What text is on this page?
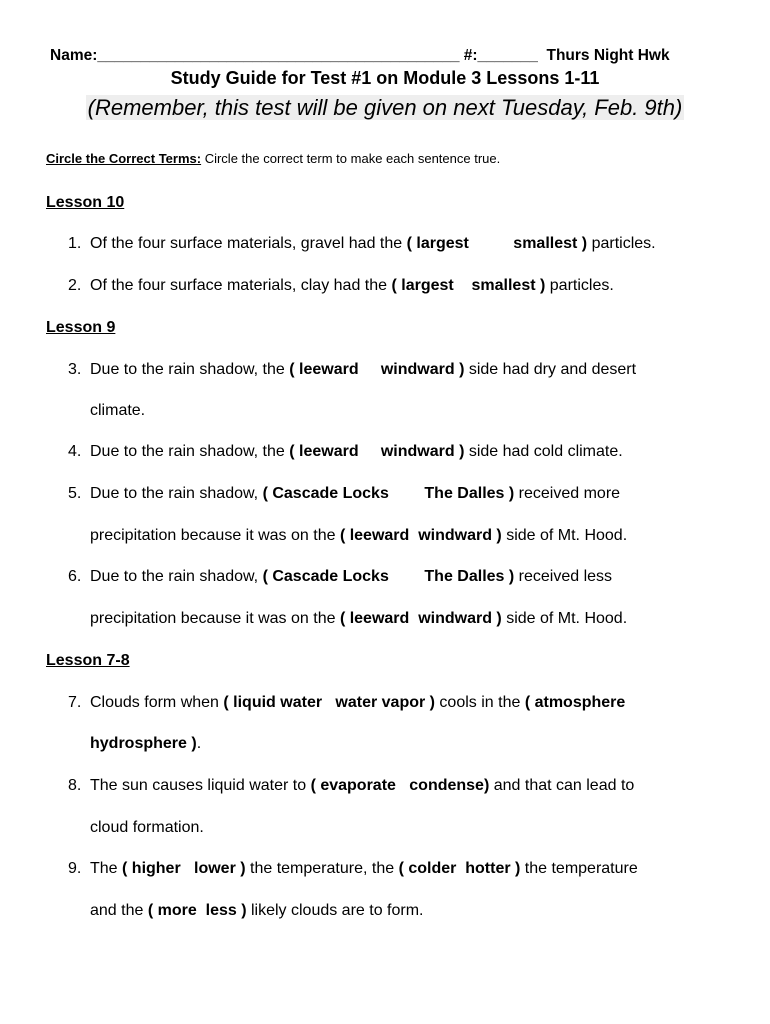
Name:__________________________________________ #:_______  Thurs Night Hwk
Study Guide for Test #1 on Module 3 Lessons 1-11
(Remember, this test will be given on next Tuesday, Feb. 9th)
Circle the Correct Terms: Circle the correct term to make each sentence true.
Lesson 10
1. Of the four surface materials, gravel had the ( largest          smallest ) particles.
2. Of the four surface materials, clay had the ( largest    smallest ) particles.
Lesson 9
3. Due to the rain shadow, the ( leeward     windward ) side had dry and desert
climate.
4. Due to the rain shadow, the ( leeward     windward ) side had cold climate.
5. Due to the rain shadow, ( Cascade Locks        The Dalles ) received more
precipitation because it was on the ( leeward  windward ) side of Mt. Hood.
6. Due to the rain shadow, ( Cascade Locks        The Dalles ) received less
precipitation because it was on the ( leeward  windward ) side of Mt. Hood.
Lesson 7-8
7. Clouds form when ( liquid water   water vapor ) cools in the ( atmosphere
hydrosphere ).
8. The sun causes liquid water to ( evaporate   condense) and that can lead to
cloud formation.
9. The ( higher   lower ) the temperature, the ( colder  hotter ) the temperature
and the ( more  less ) likely clouds are to form.
